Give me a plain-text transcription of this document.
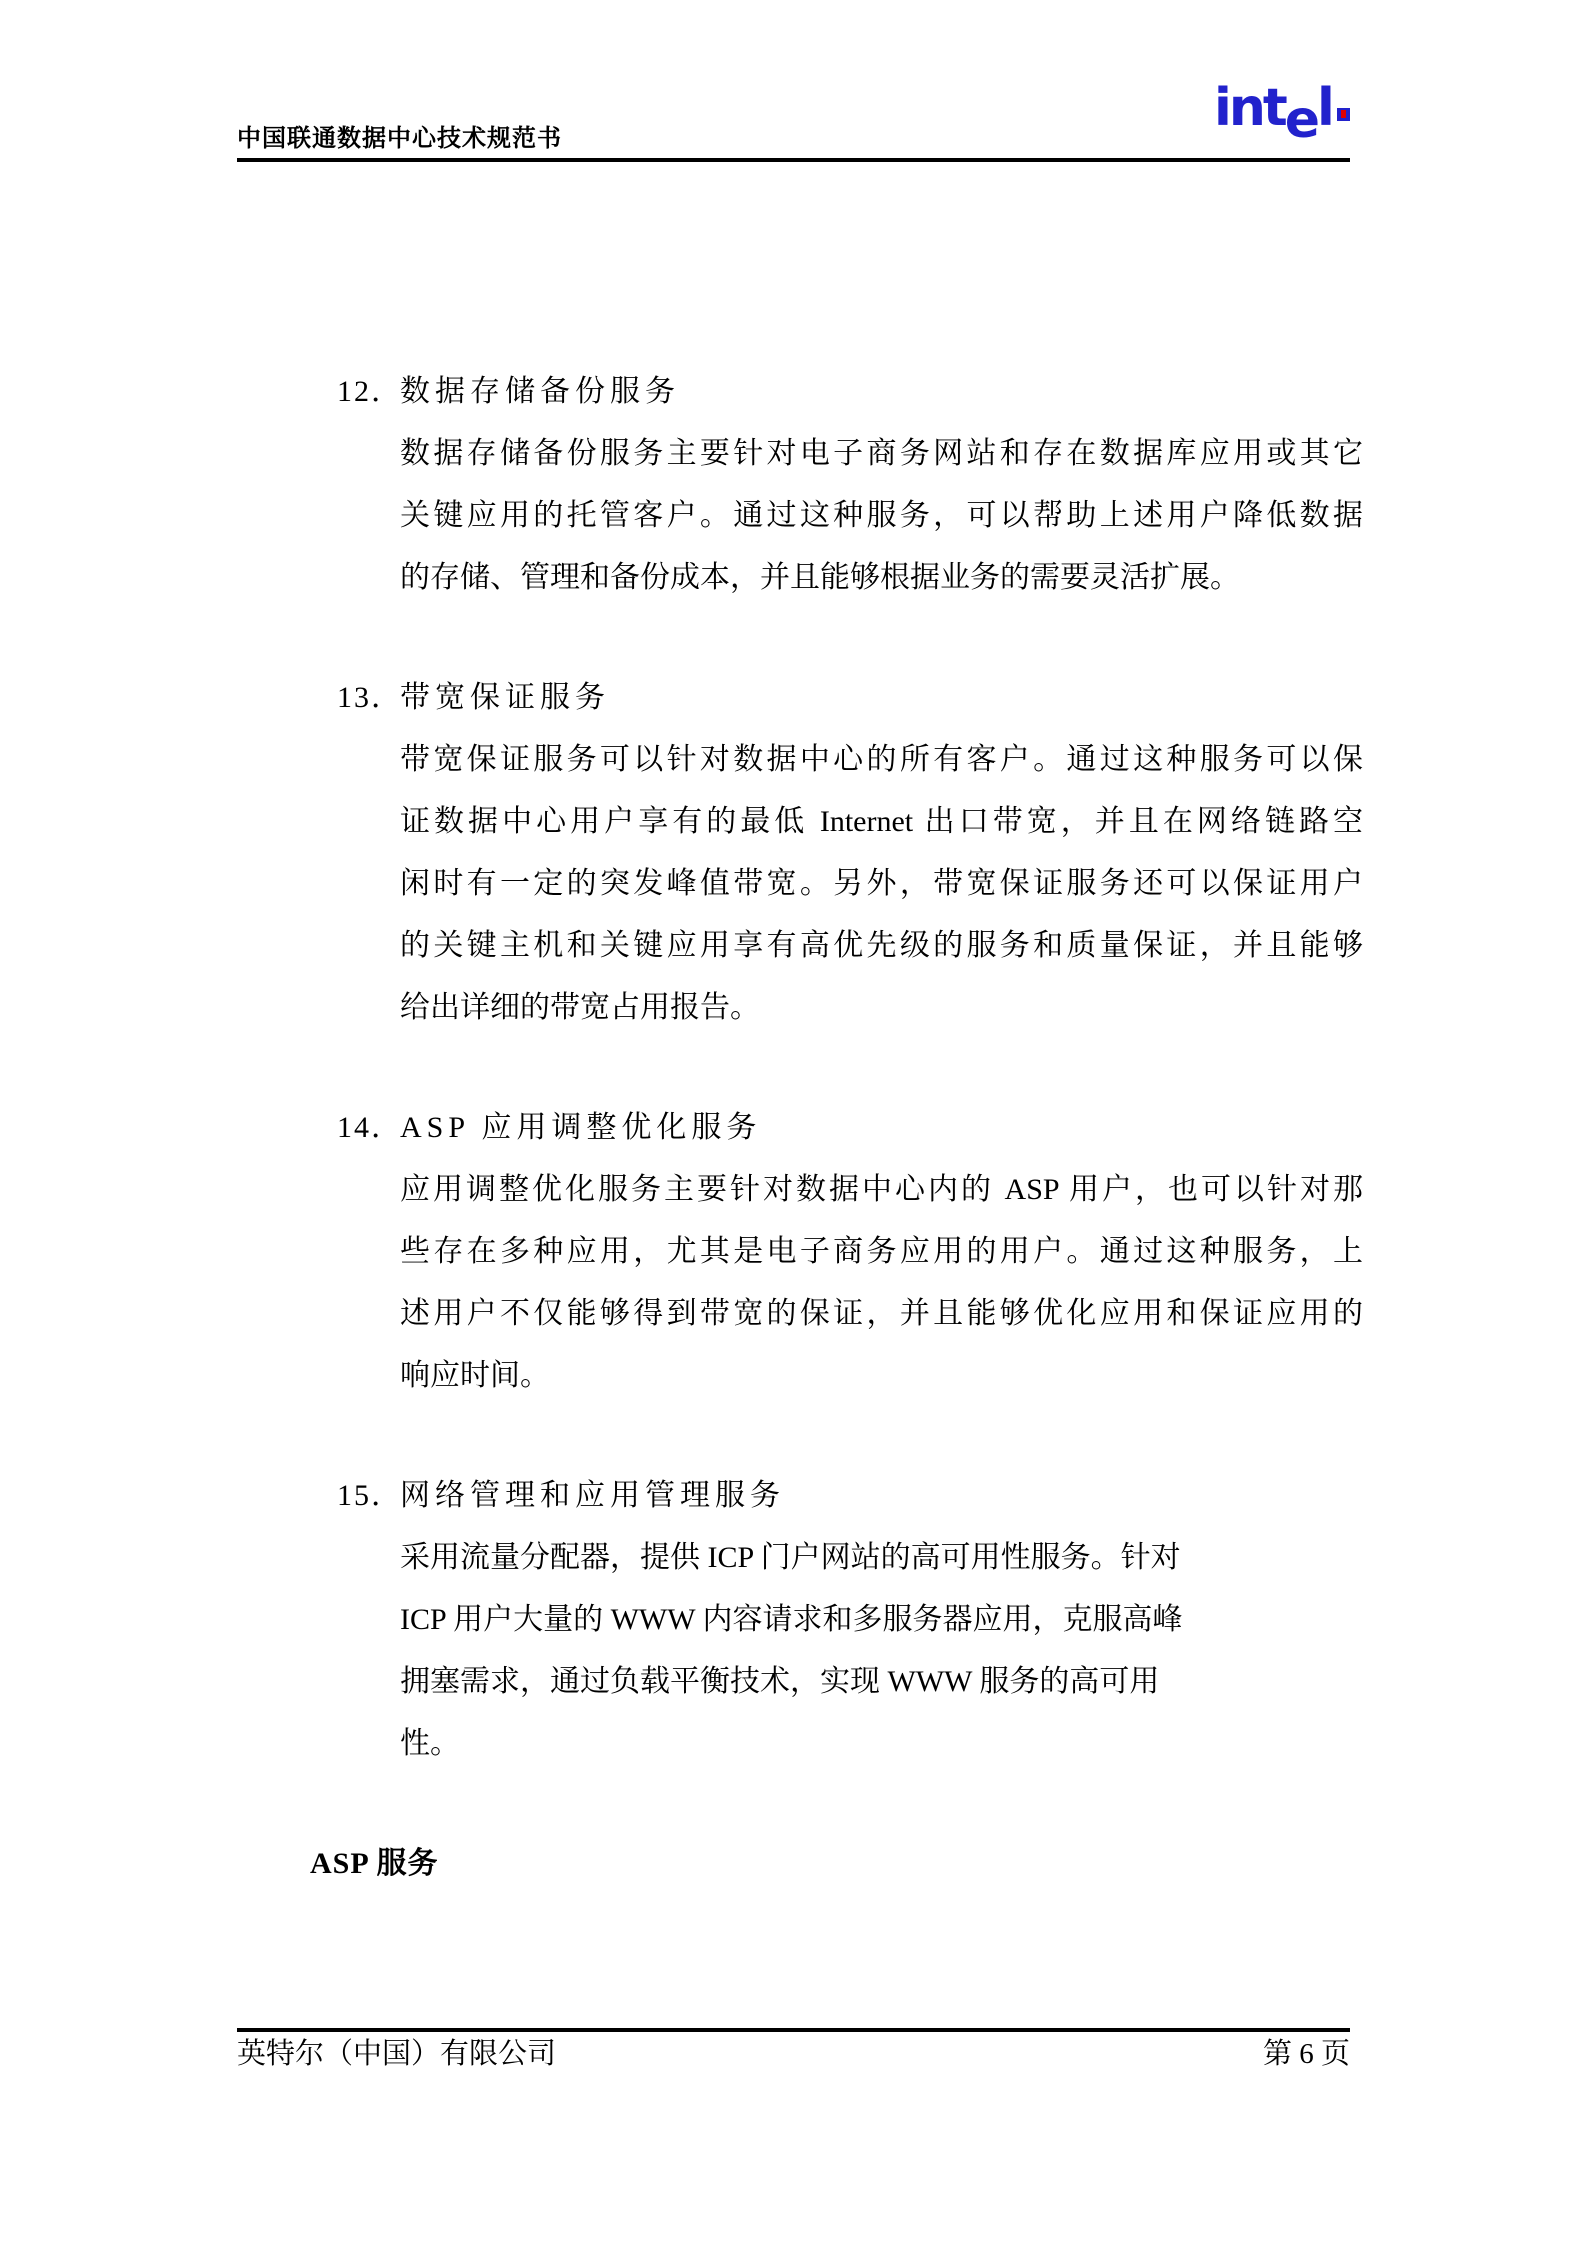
中国联通数据中心技术规范书
intel
12．数据存储备份服务
数据存储备份服务主要针对电子商务网站和存在数据库应用或其它
关键应用的托管客户。通过这种服务，可以帮助上述用户降低数据
的存储、管理和备份成本，并且能够根据业务的需要灵活扩展。
13．带宽保证服务
带宽保证服务可以针对数据中心的所有客户。通过这种服务可以保
证数据中心用户享有的最低 Internet 出口带宽，并且在网络链路空
闲时有一定的突发峰值带宽。另外，带宽保证服务还可以保证用户
的关键主机和关键应用享有高优先级的服务和质量保证，并且能够
给出详细的带宽占用报告。
14．ASP 应用调整优化服务
应用调整优化服务主要针对数据中心内的 ASP 用户，也可以针对那
些存在多种应用，尤其是电子商务应用的用户。通过这种服务，上
述用户不仅能够得到带宽的保证，并且能够优化应用和保证应用的
响应时间。
15．网络管理和应用管理服务
采用流量分配器，提供 ICP 门户网站的高可用性服务。针对
ICP 用户大量的 WWW 内容请求和多服务器应用，克服高峰
拥塞需求，通过负载平衡技术，实现 WWW 服务的高可用
性。
ASP 服务
英特尔（中国）有限公司	第 6 页
